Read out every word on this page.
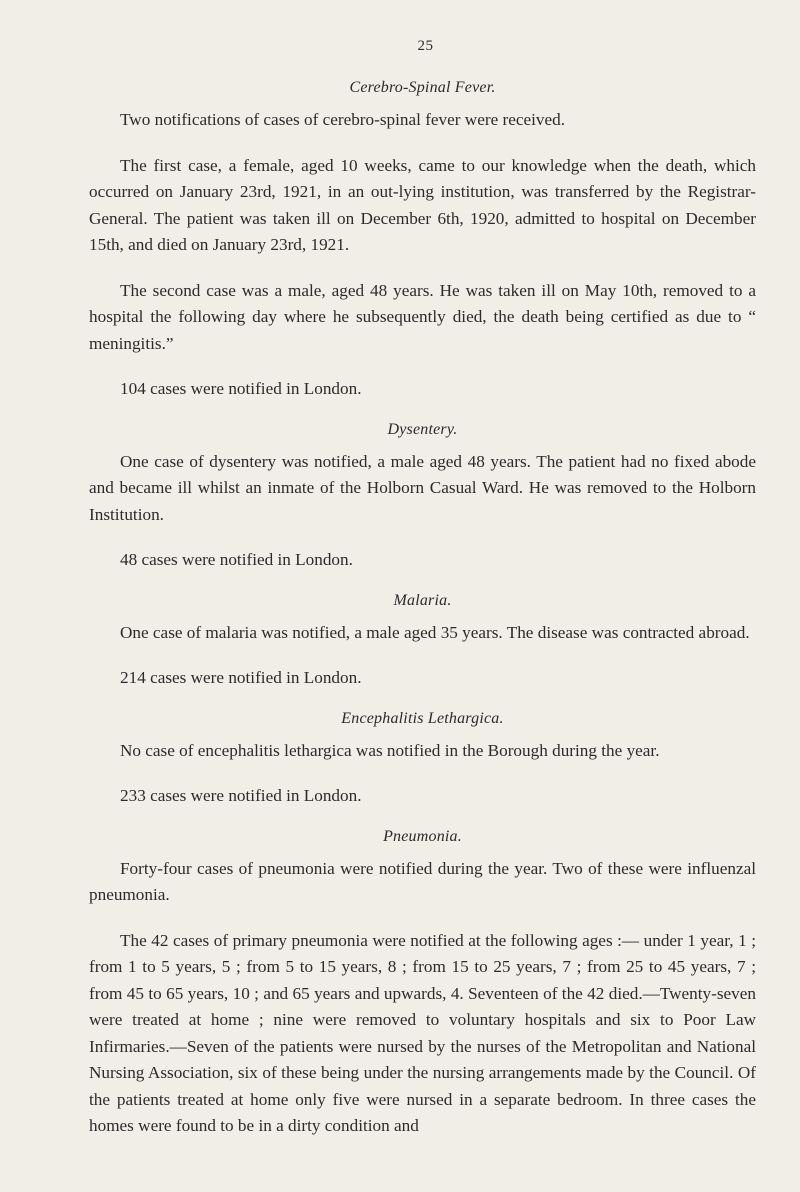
25
Cerebro-Spinal Fever.

Two notifications of cases of cerebro-spinal fever were received.

The first case, a female, aged 10 weeks, came to our knowledge when the death, which occurred on January 23rd, 1921, in an out-lying institution, was transferred by the Registrar-General. The patient was taken ill on December 6th, 1920, admitted to hospital on December 15th, and died on January 23rd, 1921.

The second case was a male, aged 48 years. He was taken ill on May 10th, removed to a hospital the following day where he subsequently died, the death being certified as due to “ meningitis.”

104 cases were notified in London.

Dysentery.

One case of dysentery was notified, a male aged 48 years. The patient had no fixed abode and became ill whilst an inmate of the Holborn Casual Ward. He was removed to the Holborn Institution.

48 cases were notified in London.

Malaria.

One case of malaria was notified, a male aged 35 years. The disease was contracted abroad.

214 cases were notified in London.

Encephalitis Lethargica.

No case of encephalitis lethargica was notified in the Borough during the year.

233 cases were notified in London.

Pneumonia.

Forty-four cases of pneumonia were notified during the year. Two of these were influenzal pneumonia.

The 42 cases of primary pneumonia were notified at the following ages :— under 1 year, 1 ; from 1 to 5 years, 5 ; from 5 to 15 years, 8 ; from 15 to 25 years, 7 ; from 25 to 45 years, 7 ; from 45 to 65 years, 10 ; and 65 years and upwards, 4. Seventeen of the 42 died.—Twenty-seven were treated at home ; nine were removed to voluntary hospitals and six to Poor Law Infirmaries.—Seven of the patients were nursed by the nurses of the Metropolitan and National Nursing Association, six of these being under the nursing arrangements made by the Council. Of the patients treated at home only five were nursed in a separate bedroom. In three cases the homes were found to be in a dirty condition and
